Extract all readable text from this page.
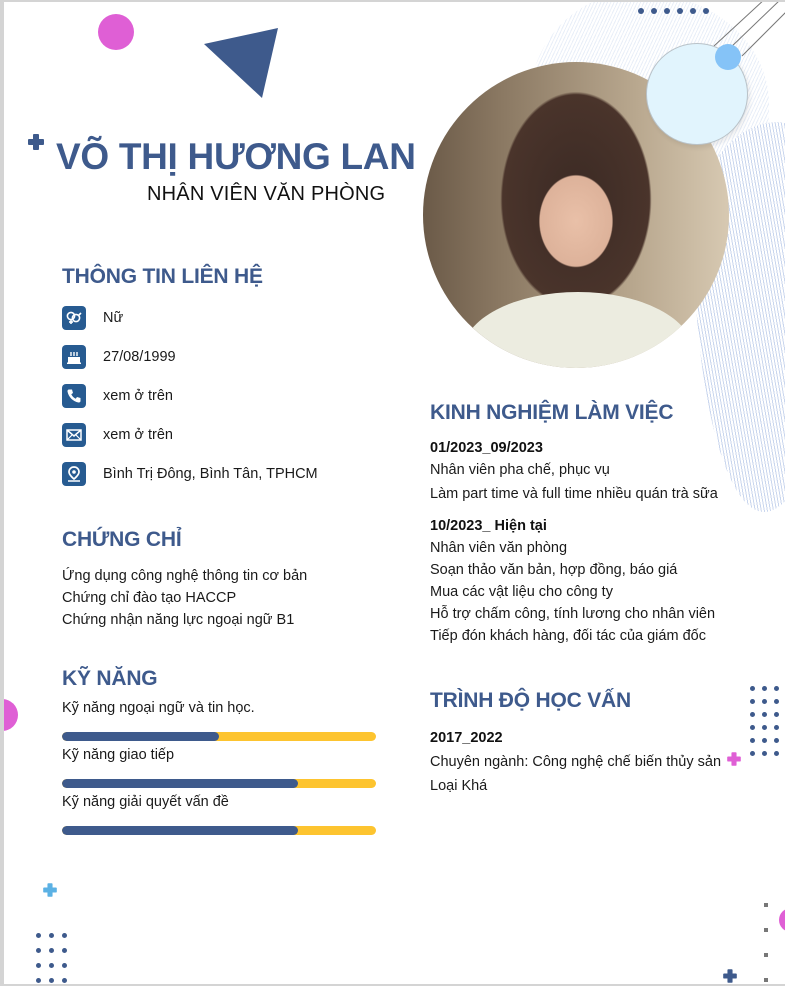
VÕ THỊ HƯƠNG LAN
NHÂN VIÊN VĂN PHÒNG
THÔNG TIN LIÊN HỆ
Nữ
27/08/1999
xem ở trên
xem ở trên
Bình Trị Đông, Bình Tân, TPHCM
CHỨNG CHỈ
Ứng dụng công nghệ thông tin cơ bản
Chứng chỉ đào tạo HACCP
Chứng nhận năng lực ngoại ngữ B1
KỸ NĂNG
Kỹ năng ngoại ngữ và tin học.
Kỹ năng giao tiếp
Kỹ năng giải quyết vấn đề
KINH NGHIỆM LÀM VIỆC
01/2023_09/2023
Nhân viên pha chế, phục vụ
Làm part time và full time nhiều quán trà sữa
10/2023_ Hiện tại
Nhân viên văn phòng
Soạn thảo văn bản, hợp đồng, báo giá
Mua các vật liệu cho công ty
Hỗ trợ chấm công, tính lương cho nhân viên
Tiếp đón khách hàng, đối tác của giám đốc
TRÌNH ĐỘ HỌC VẤN
2017_2022
Chuyên ngành: Công nghệ chế biến thủy sản
Loại Khá
